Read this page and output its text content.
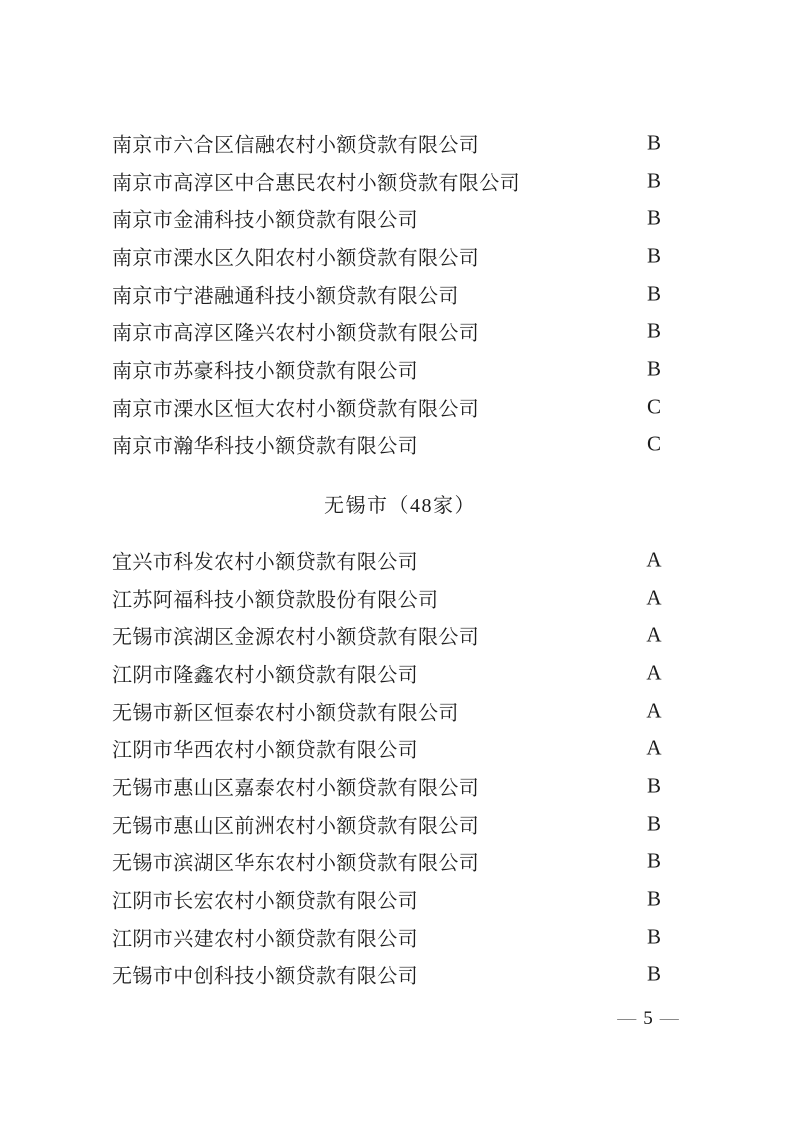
南京市六合区信融农村小额贷款有限公司	B
南京市高淳区中合惠民农村小额贷款有限公司	B
南京市金浦科技小额贷款有限公司	B
南京市溧水区久阳农村小额贷款有限公司	B
南京市宁港融通科技小额贷款有限公司	B
南京市高淳区隆兴农村小额贷款有限公司	B
南京市苏豪科技小额贷款有限公司	B
南京市溧水区恒大农村小额贷款有限公司	C
南京市瀚华科技小额贷款有限公司	C
无锡市（48家）
宜兴市科发农村小额贷款有限公司	A
江苏阿福科技小额贷款股份有限公司	A
无锡市滨湖区金源农村小额贷款有限公司	A
江阴市隆鑫农村小额贷款有限公司	A
无锡市新区恒泰农村小额贷款有限公司	A
江阴市华西农村小额贷款有限公司	A
无锡市惠山区嘉泰农村小额贷款有限公司	B
无锡市惠山区前洲农村小额贷款有限公司	B
无锡市滨湖区华东农村小额贷款有限公司	B
江阴市长宏农村小额贷款有限公司	B
江阴市兴建农村小额贷款有限公司	B
无锡市中创科技小额贷款有限公司	B
— 5 —
